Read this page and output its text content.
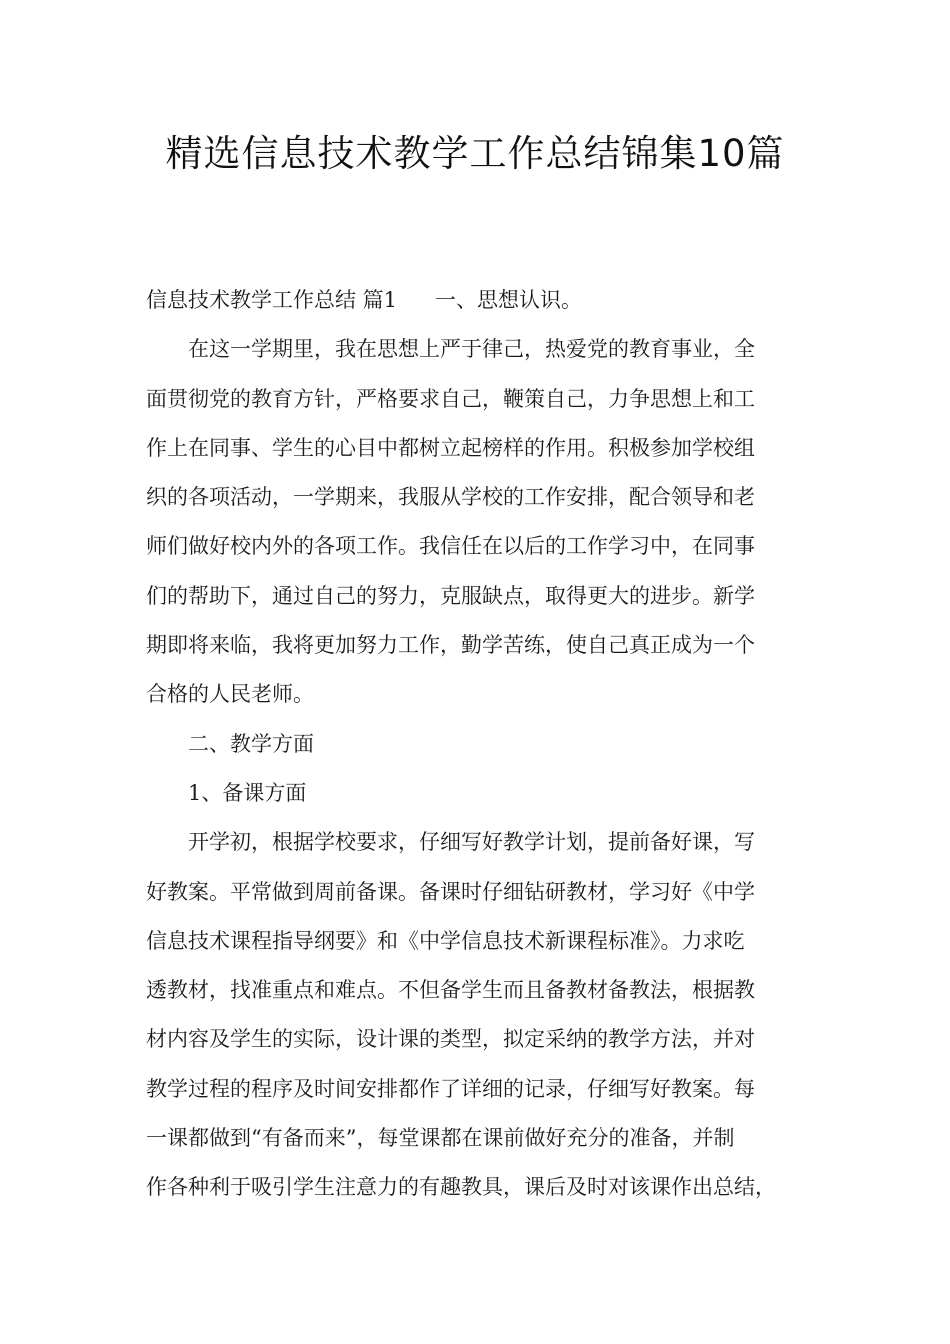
精选信息技术教学工作总结锦集10篇
信息技术教学工作总结 篇1 一、思想认识。
在这一学期里，我在思想上严于律己，热爱党的教育事业，全
面贯彻党的教育方针，严格要求自己，鞭策自己，力争思想上和工
作上在同事、学生的心目中都树立起榜样的作用。积极参加学校组
织的各项活动，一学期来，我服从学校的工作安排，配合领导和老
师们做好校内外的各项工作。我信任在以后的工作学习中，在同事
们的帮助下，通过自己的努力，克服缺点，取得更大的进步。新学
期即将来临，我将更加努力工作，勤学苦练，使自己真正成为一个
合格的人民老师。
二、教学方面
1、备课方面
开学初，根据学校要求，仔细写好教学计划，提前备好课，写
好教案。平常做到周前备课。备课时仔细钻研教材，学习好《中学
信息技术课程指导纲要》和《中学信息技术新课程标准》。力求吃
透教材，找准重点和难点。不但备学生而且备教材备教法，根据教
材内容及学生的实际，设计课的类型，拟定采纳的教学方法，并对
教学过程的程序及时间安排都作了详细的记录，仔细写好教案。每
一课都做到“有备而来”，每堂课都在课前做好充分的准备，并制
作各种利于吸引学生注意力的有趣教具，课后及时对该课作出总结，
